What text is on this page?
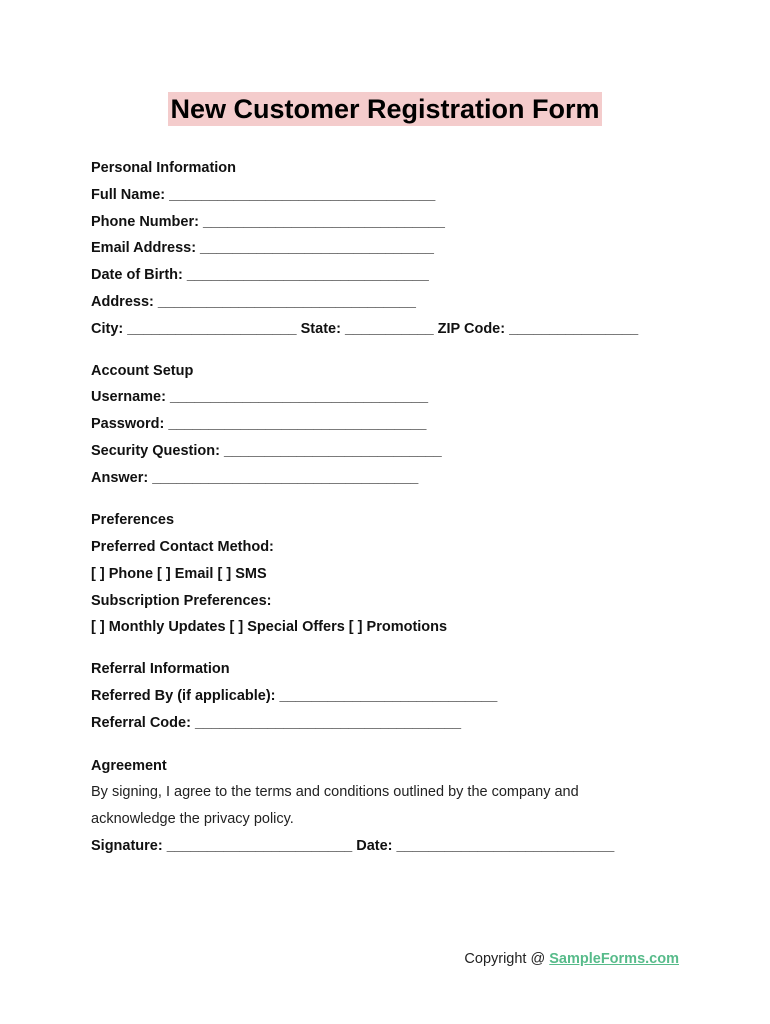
New Customer Registration Form
Personal Information
Full Name: _________________________________
Phone Number: ______________________________
Email Address: _____________________________
Date of Birth: ______________________________
Address: ________________________________
City: _____________________ State: ___________ ZIP Code: ________________
Account Setup
Username: ________________________________
Password: ________________________________
Security Question: ___________________________
Answer: _________________________________
Preferences
Preferred Contact Method:
[ ] Phone [ ] Email [ ] SMS
Subscription Preferences:
[ ] Monthly Updates [ ] Special Offers [ ] Promotions
Referral Information
Referred By (if applicable): ___________________________
Referral Code: _________________________________
Agreement
By signing, I agree to the terms and conditions outlined by the company and
acknowledge the privacy policy.
Signature: _______________________ Date: ___________________________
Copyright @ SampleForms.com
